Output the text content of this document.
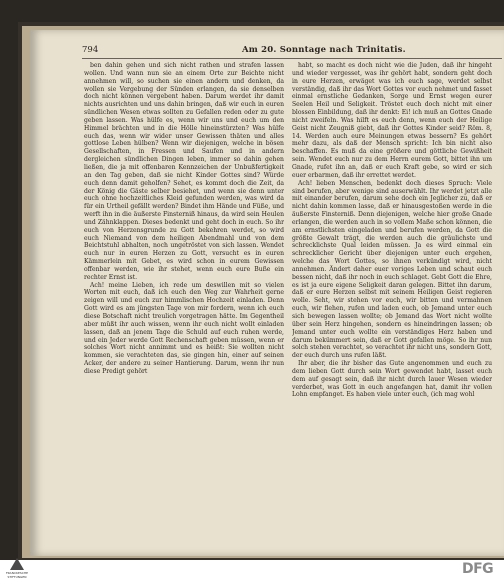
794	Am 20. Sonntage nach Trinitatis.

ben dahin gehen und sich nicht rathen und strafen lassen wollen. Und wann nun sie an einem Orte zur Beichte nicht annehmen will, so suchen sie einen andern und denken, da wollen sie Vergebung der Sünden erlangen, da sie denselben doch nicht können vergebent haben. Darum werdet ihr damit nichts ausrichten und uns dahin bringen, daß wir euch in euren sündlichen Wesen etwas sollten zu Gefallen reden oder zu gute geben lassen. Was hülfe es, wenn wir uns und euch um den Himmel brächten und in die Hölle hineinstürzten? Was hülfe euch das, wenn wir wider unser Gewissen thäten und alles gottlose Leben hülben? Wenn wir diejenigen, welche in bösen Gesellschaften, in Fressen und Saufen und in andern dergleichen sündlichen Dingen leben, immer so dahin gehen ließen, die ja mit offenbaren Kennzeichen der Unbußfertigkeit an den Tag geben, daß sie nicht Kinder Gottes sind? Würde euch denn damit geholfen? Sehet, es kommt doch die Zeit, da der König die Gäste selber besiehet, und wenn sie denn unter euch ohne hochzeitliches Kleid gefunden werden, was wird da für ein Urtheil gefällt werden? Bindet ihm Hände und Füße, und werft ihn in die äußerste Finsterniß hinaus, da wird sein Heulen und Zähnklappen. Dieses bedenkt und geht doch in euch. So ihr euch von Herzensgrunde zu Gott bekehren werdet, so wird euch Niemand von dem heiligen Abendmahl und von dem Beichtstuhl abhalten, noch ungetröstet von sich lassen. Wendet euch nur in euren Herzen zu Gott, versucht es in euren Kämmerlein mit Gebet, es wird schon in eurem Gewissen offenbar werden, wie ihr stehet, wenn euch eure Buße ein rechter Ernst ist.

Ach! meine Lieben, ich rede um deswillen mit so vielen Worten mit euch, daß ich euch den Weg zur Wahrheit gerne zeigen will und euch zur himmlischen Hochzeit einladen. Denn Gott wird es am jüngsten Tage von mir fordern, wenn ich euch diese Botschaft nicht treulich vorgetragen hätte. Im Gegentheil aber müßt ihr auch wissen, wenn ihr euch nicht wollt einladen lassen, daß an jenem Tage die Schuld auf euch ruhen werde, und ein Jeder werde Gott Rechenschaft geben müssen, wenn er solches Wort nicht annimmt und es heißt: Sie wollten nicht kommen, sie verachteten das, sie gingen hin, einer auf seinen Acker, der andere zu seiner Hantierung. Darum, wenn ihr nun diese Predigt gehört

habt, so macht es doch nicht wie die Juden, daß ihr hingeht und wieder vergesset, was ihr gehört habt, sondern geht doch in eure Herzen, erwäget was ich euch sage, werdet selbst verständig, daß ihr das Wort Gottes vor euch nehmet und fasset einmal ernstliche Gedanken, Sorge und Ernst wegen eurer Seelen Heil und Seligkeit. Tröstet euch doch nicht mit einer blossen Einbildung, daß ihr denkt: Ei! ich muß an Gottes Gnade nicht zweifeln. Was hilft es euch denn, wenn euch der Heilige Geist nicht Zeugniß giebt, daß ihr Gottes Kinder seid? Röm. 8, 14. Werden auch eure Meinungen etwas bessern? Es gehört mehr dazu, als daß der Mensch spricht: Ich bin nicht also beschaffen. Es muß da eine größere und göttliche Gewißheit sein. Wendet euch nur zu dem Herrn eurem Gott, bittet ihn um Gnade, rufet ihn an, daß er euch Kraft gebe, so wird er sich euer erbarmen, daß ihr errettet werdet.

Ach! lieben Menschen, bedenkt doch dieses Spruch: Viele sind berufen, aber wenige sind auserwählt. Ihr werdet jetzt alle mit einander berufen, darum sehe doch ein Jeglicher zu, daß er nicht dahin kommen lasse, daß er hinausgestoßen werde in die äußerste Finsterniß. Denn diejenigen, welche hier große Gnade erlangen, die werden auch in so vollem Maße schon können, die am ernstlichsten eingeladen und berufen werden, da Gott die größte Gewalt trägt, die werden auch die gräulichste und schrecklichste Qual leiden müssen. Ja es wird einmal ein schrecklicher Gericht über diejenigen unter euch ergehen, welche das Wort Gottes, so ihnen verkündigt wird, nicht annehmen. Ändert daher euer voriges Leben und schaut euch bessen nicht, daß ihr noch in euch schlaget. Gebt Gott die Ehre, es ist ja eure eigene Seligkeit daran gelegen. Bittet ihn darum, daß er eure Herzen selbst mit seinem Heiligen Geist regieren wolle. Seht, wir stehen vor euch, wir bitten und vermahnen euch, wir flehen, rufen und laden euch, ob Jemand unter euch sich bewegen lassen wollte; ob Jemand das Wort nicht wollte über sein Herz hingehen, sondern es hineindringen lassen; ob Jemand unter euch wollte ein verständiges Herz haben und darum bekümmert sein, daß er Gott gefallen möge. So ihr nun solch stehen verachtet, so verachtet ihr nicht uns, sondern Gott, der euch durch uns rufen läßt.

Ihr aber, die ihr bisher das Gute angenommen und euch zu dem lieben Gott durch sein Wort gewendet habt, lasset euch dem auf gesagt sein, daß ihr nicht durch lauer Wesen wieder verderbet, was Gott in euch angefangen hat, damit ihr vollen Lohn empfanget. Es haben viele unter euch, (ich mag wohl

FRANCKESCHE
STIFTUNGEN	DFG
